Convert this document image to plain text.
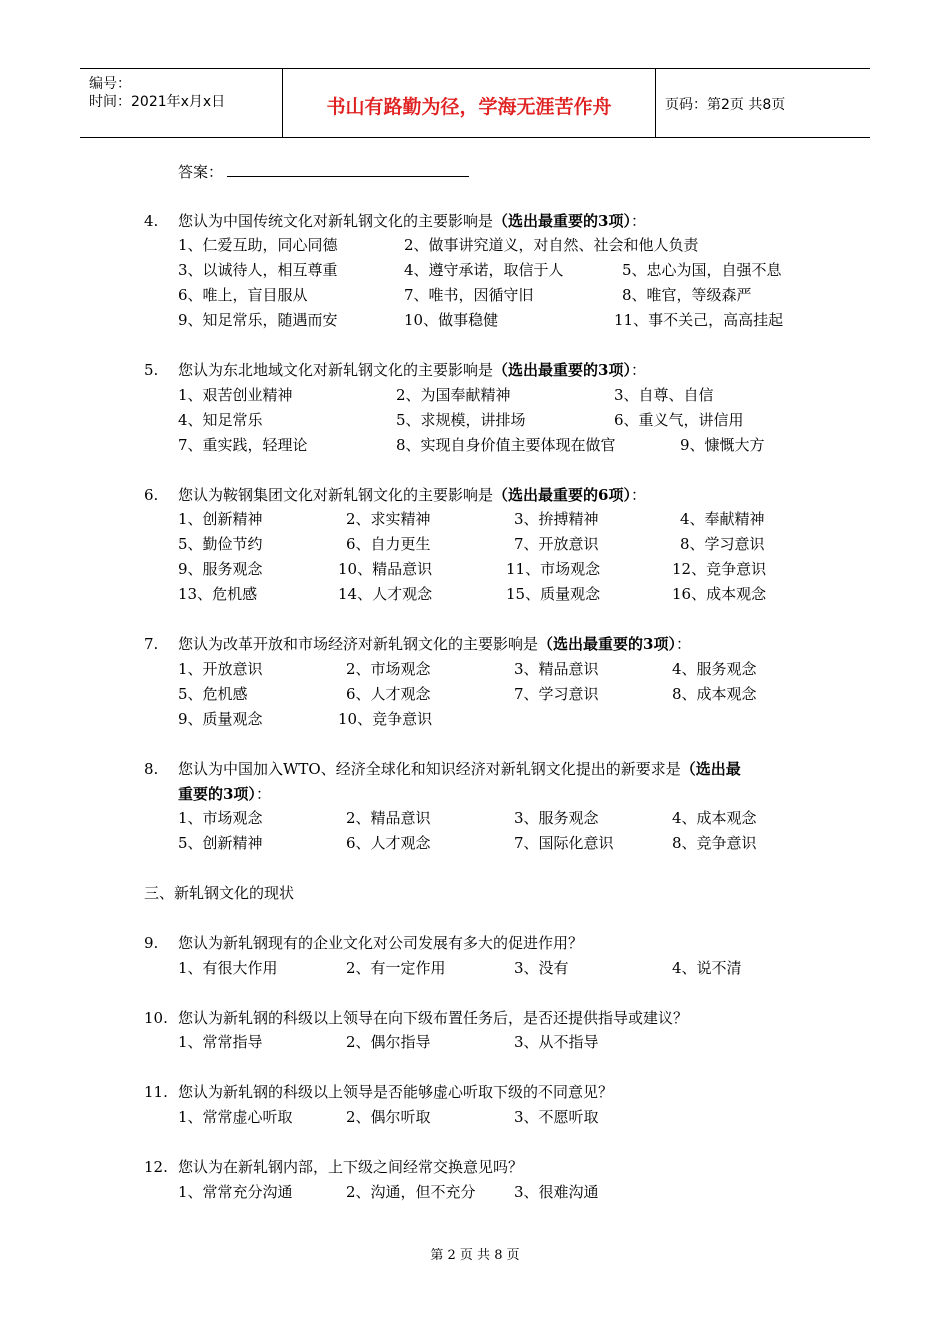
编号：
时间：2021年x月x日	书山有路勤为径，学海无涯苦作舟	页码：第2页 共8页
答案：
4. 您认为中国传统文化对新轧钢文化的主要影响是（选出最重要的3项）：
1、仁爱互助，同心同德	2、做事讲究道义，对自然、社会和他人负责
3、以诚待人，相互尊重	4、遵守承诺，取信于人	5、忠心为国，自强不息
6、唯上，盲目服从	7、唯书，因循守旧	8、唯官，等级森严
9、知足常乐，随遇而安	10、做事稳健	11、事不关己，高高挂起
5. 您认为东北地域文化对新轧钢文化的主要影响是（选出最重要的3项）：
1、艰苦创业精神	2、为国奉献精神	3、自尊、自信
4、知足常乐	5、求规模，讲排场	6、重义气，讲信用
7、重实践，轻理论	8、实现自身价值主要体现在做官	9、慷慨大方
6. 您认为鞍钢集团文化对新轧钢文化的主要影响是（选出最重要的6项）：
1、创新精神	2、求实精神	3、拚搏精神	4、奉献精神
5、勤俭节约	6、自力更生	7、开放意识	8、学习意识
9、服务观念	10、精品意识	11、市场观念	12、竞争意识
13、危机感	14、人才观念	15、质量观念	16、成本观念
7. 您认为改革开放和市场经济对新轧钢文化的主要影响是（选出最重要的3项）：
1、开放意识	2、市场观念	3、精品意识	4、服务观念
5、危机感	6、人才观念	7、学习意识	8、成本观念
9、质量观念	10、竞争意识
8. 您认为中国加入WTO、经济全球化和知识经济对新轧钢文化提出的新要求是（选出最
重要的3项）：
1、市场观念	2、精品意识	3、服务观念	4、成本观念
5、创新精神	6、人才观念	7、国际化意识	8、竞争意识
三、新轧钢文化的现状
9. 您认为新轧钢现有的企业文化对公司发展有多大的促进作用？
1、有很大作用	2、有一定作用	3、没有	4、说不清
10. 您认为新轧钢的科级以上领导在向下级布置任务后，是否还提供指导或建议？
1、常常指导	2、偶尔指导	3、从不指导
11. 您认为新轧钢的科级以上领导是否能够虚心听取下级的不同意见？
1、常常虚心听取	2、偶尔听取	3、不愿听取
12. 您认为在新轧钢内部，上下级之间经常交换意见吗？
1、常常充分沟通	2、沟通，但不充分	3、很难沟通
第 2 页 共 8 页
